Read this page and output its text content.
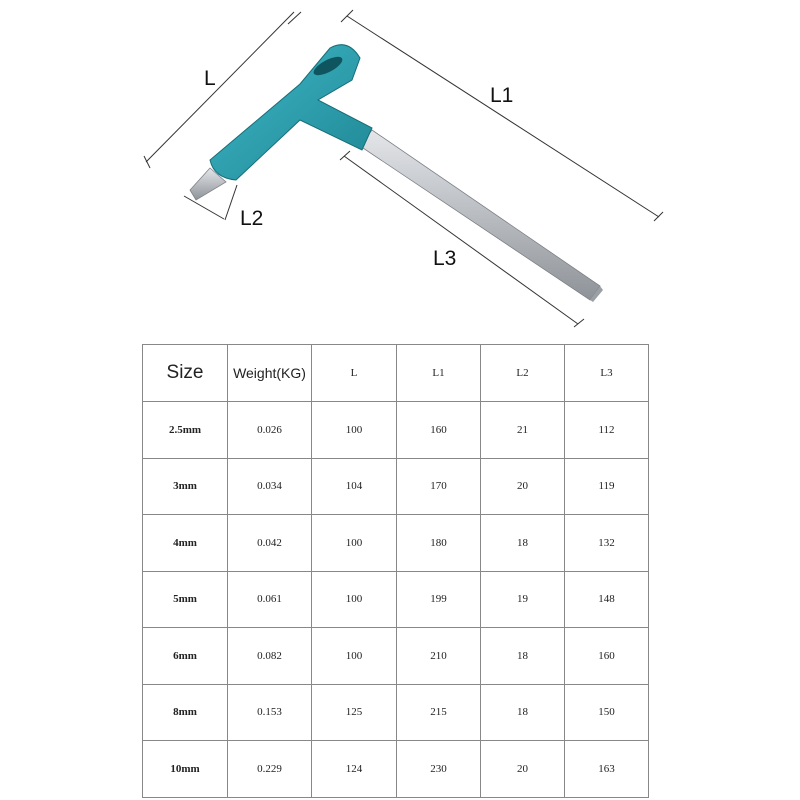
L
L1
L2
L3
Size	Weight(KG)	L	L1	L2	L3
2.5mm	0.026	100	160	21	112
3mm	0.034	104	170	20	119
4mm	0.042	100	180	18	132
5mm	0.061	100	199	19	148
6mm	0.082	100	210	18	160
8mm	0.153	125	215	18	150
10mm	0.229	124	230	20	163
